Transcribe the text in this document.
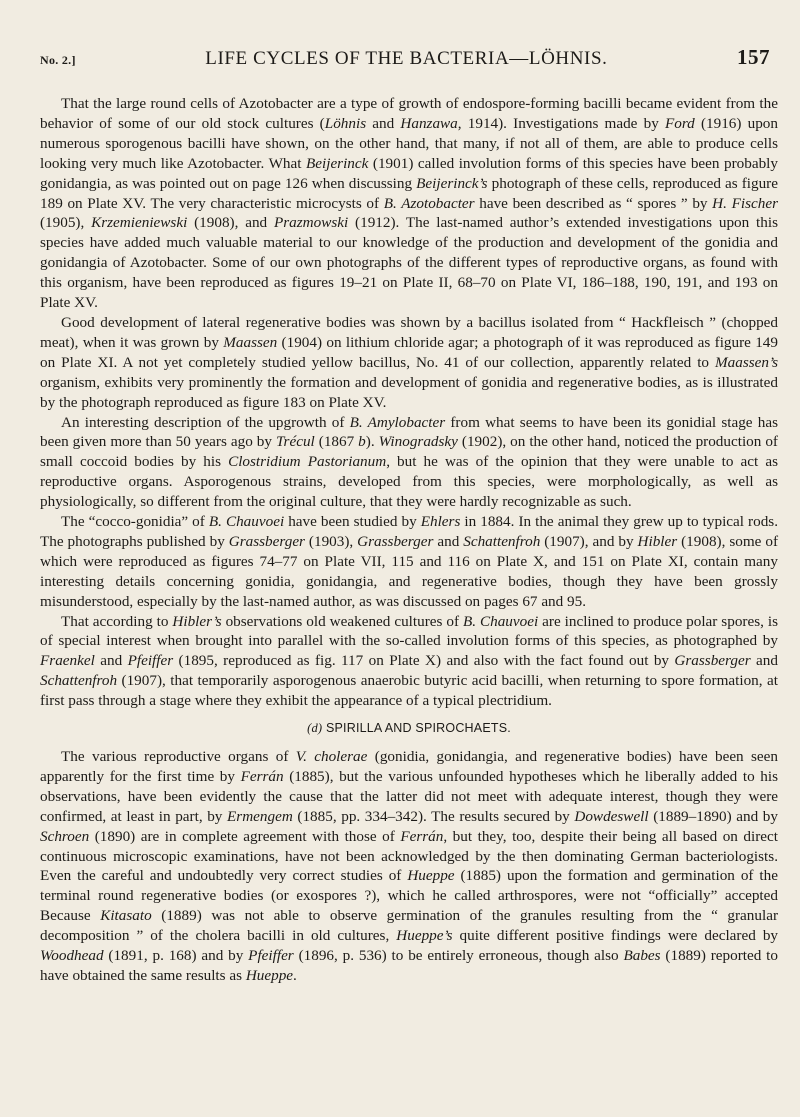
No. 2.]	LIFE CYCLES OF THE BACTERIA—LÖHNIS.	157

That the large round cells of Azotobacter are a type of growth of endospore-forming bacilli became evident from the behavior of some of our old stock cultures (Löhnis and Hanzawa, 1914). Investigations made by Ford (1916) upon numerous sporogenous bacilli have shown, on the other hand, that many, if not all of them, are able to produce cells looking very much like Azotobacter. What Beijerinck (1901) called involution forms of this species have been probably gonidangia, as was pointed out on page 126 when discussing Beijerinck’s photograph of these cells, reproduced as figure 189 on Plate XV. The very characteristic microcysts of B. Azotobacter have been described as “ spores ” by H. Fischer (1905), Krzemieniewski (1908), and Prazmowski (1912). The last-named author’s extended investigations upon this species have added much valuable material to our knowledge of the production and development of the gonidia and gonidangia of Azotobacter. Some of our own photographs of the different types of reproductive organs, as found with this organism, have been reproduced as figures 19–21 on Plate II, 68–70 on Plate VI, 186–188, 190, 191, and 193 on Plate XV.

Good development of lateral regenerative bodies was shown by a bacillus isolated from “ Hackfleisch ” (chopped meat), when it was grown by Maassen (1904) on lithium chloride agar; a photograph of it was reproduced as figure 149 on Plate XI. A not yet completely studied yellow bacillus, No. 41 of our collection, apparently related to Maassen’s organism, exhibits very prominently the formation and development of gonidia and regenerative bodies, as is illustrated by the photograph reproduced as figure 183 on Plate XV.

An interesting description of the upgrowth of B. Amylobacter from what seems to have been its gonidial stage has been given more than 50 years ago by Trécul (1867 b). Winogradsky (1902), on the other hand, noticed the production of small coccoid bodies by his Clostridium Pastorianum, but he was of the opinion that they were unable to act as reproductive organs. Asporogenous strains, developed from this species, were morphologically, as well as physiologically, so different from the original culture, that they were hardly recognizable as such.

The “cocco-gonidia” of B. Chauvoei have been studied by Ehlers in 1884. In the animal they grew up to typical rods. The photographs published by Grassberger (1903), Grassberger and Schattenfroh (1907), and by Hibler (1908), some of which were reproduced as figures 74–77 on Plate VII, 115 and 116 on Plate X, and 151 on Plate XI, contain many interesting details concerning gonidia, gonidangia, and regenerative bodies, though they have been grossly misunderstood, especially by the last-named author, as was discussed on pages 67 and 95.

That according to Hibler’s observations old weakened cultures of B. Chauvoei are inclined to produce polar spores, is of special interest when brought into parallel with the so-called involution forms of this species, as photographed by Fraenkel and Pfeiffer (1895, reproduced as fig. 117 on Plate X) and also with the fact found out by Grassberger and Schattenfroh (1907), that temporarily asporogenous anaerobic butyric acid bacilli, when returning to spore formation, at first pass through a stage where they exhibit the appearance of a typical plectridium.

(d) SPIRILLA AND SPIROCHAETS.

The various reproductive organs of V. cholerae (gonidia, gonidangia, and regenerative bodies) have been seen apparently for the first time by Ferrán (1885), but the various unfounded hypotheses which he liberally added to his observations, have been evidently the cause that the latter did not meet with adequate interest, though they were confirmed, at least in part, by Ermengem (1885, pp. 334–342). The results secured by Dowdeswell (1889–1890) and by Schroen (1890) are in complete agreement with those of Ferrán, but they, too, despite their being all based on direct continuous microscopic examinations, have not been acknowledged by the then dominating German bacteriologists. Even the careful and undoubtedly very correct studies of Hueppe (1885) upon the formation and germination of the terminal round regenerative bodies (or exospores ?), which he called arthrospores, were not “officially” accepted Because Kitasato (1889) was not able to observe germination of the granules resulting from the “ granular decomposition ” of the cholera bacilli in old cultures, Hueppe’s quite different positive findings were declared by Woodhead (1891, p. 168) and by Pfeiffer (1896, p. 536) to be entirely erroneous, though also Babes (1889) reported to have obtained the same results as Hueppe.
